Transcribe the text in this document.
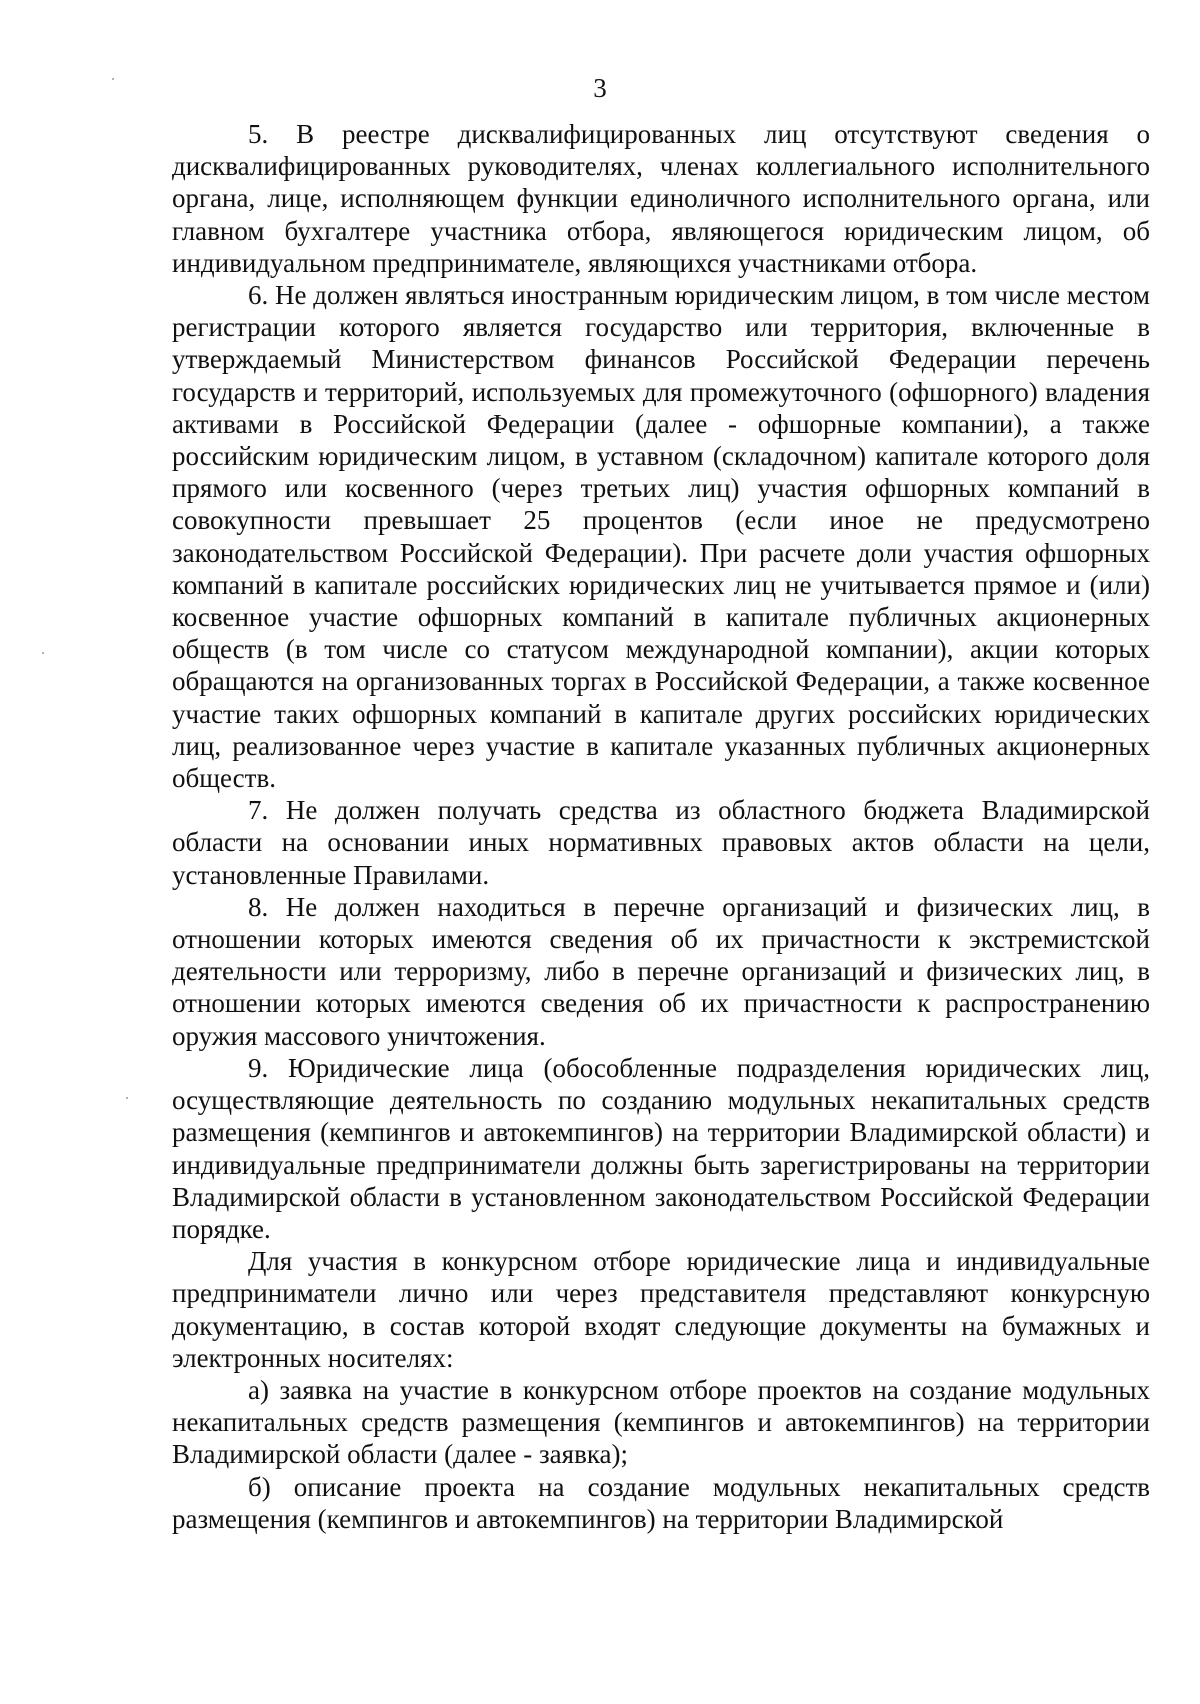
3

5. В реестре дисквалифицированных лиц отсутствуют сведения о дисквалифицированных руководителях, членах коллегиального исполнительного органа, лице, исполняющем функции единоличного исполнительного органа, или главном бухгалтере участника отбора, являющегося юридическим лицом, об индивидуальном предпринимателе, являющихся участниками отбора.

6. Не должен являться иностранным юридическим лицом, в том числе местом регистрации которого является государство или территория, включенные в утверждаемый Министерством финансов Российской Федерации перечень государств и территорий, используемых для промежуточного (офшорного) владения активами в Российской Федерации (далее - офшорные компании), а также российским юридическим лицом, в уставном (складочном) капитале которого доля прямого или косвенного (через третьих лиц) участия офшорных компаний в совокупности превышает 25 процентов (если иное не предусмотрено законодательством Российской Федерации). При расчете доли участия офшорных компаний в капитале российских юридических лиц не учитывается прямое и (или) косвенное участие офшорных компаний в капитале публичных акционерных обществ (в том числе со статусом международной компании), акции которых обращаются на организованных торгах в Российской Федерации, а также косвенное участие таких офшорных компаний в капитале других российских юридических лиц, реализованное через участие в капитале указанных публичных акционерных обществ.

7. Не должен получать средства из областного бюджета Владимирской области на основании иных нормативных правовых актов области на цели, установленные Правилами.

8. Не должен находиться в перечне организаций и физических лиц, в отношении которых имеются сведения об их причастности к экстремистской деятельности или терроризму, либо в перечне организаций и физических лиц, в отношении которых имеются сведения об их причастности к распространению оружия массового уничтожения.

9. Юридические лица (обособленные подразделения юридических лиц, осуществляющие деятельность по созданию модульных некапитальных средств размещения (кемпингов и автокемпингов) на территории Владимирской области) и индивидуальные предприниматели должны быть зарегистрированы на территории Владимирской области в установленном законодательством Российской Федерации порядке.

Для участия в конкурсном отборе юридические лица и индивидуальные предприниматели лично или через представителя представляют конкурсную документацию, в состав которой входят следующие документы на бумажных и электронных носителях:

а) заявка на участие в конкурсном отборе проектов на создание модульных некапитальных средств размещения (кемпингов и автокемпингов) на территории Владимирской области (далее - заявка);

б) описание проекта на создание модульных некапитальных средств размещения (кемпингов и автокемпингов) на территории Владимирской
